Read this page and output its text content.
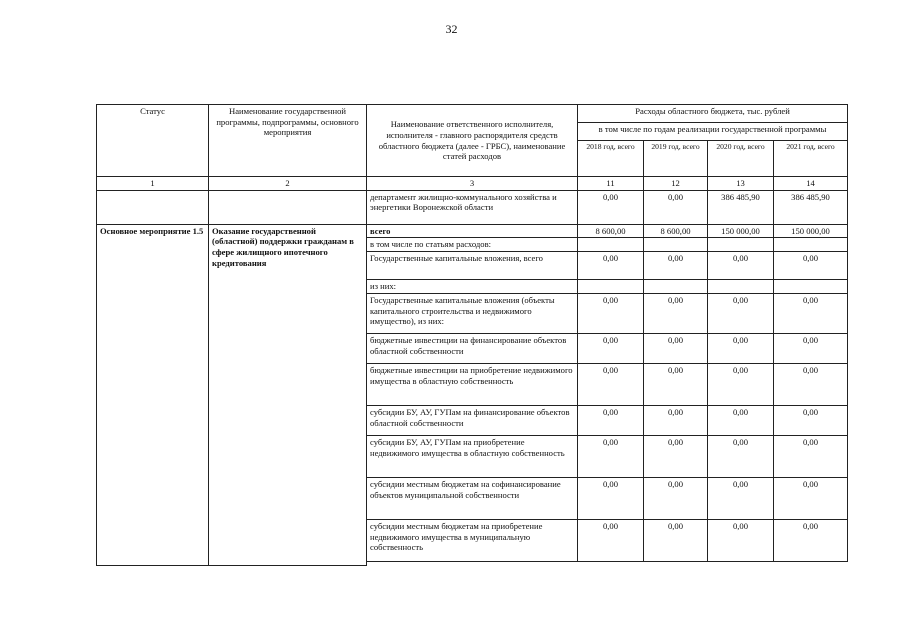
32
Статус	Наименование государственной программы, подпрограммы, основного мероприятия	Наименование ответственного исполнителя, исполнителя - главного распорядителя средств областного бюджета (далее - ГРБС), наименование статей расходов	Расходы областного бюджета, тыс. рублей			
			в том числе по годам реализации государственной программы			
			2018 год, всего	2019 год, всего	2020 год, всего	2021 год, всего
1	2	3	11	12	13	14
		департамент жилищно-коммунального хозяйства и энергетики Воронежской области	0,00	0,00	386 485,90	386 485,90
Основное мероприятие 1.5	Оказание государственной (областной) поддержки гражданам в сфере жилищного ипотечного кредитования	всего	8 600,00	8 600,00	150 000,00	150 000,00
		в том числе по статьям расходов:				
		Государственные капитальные вложения, всего	0,00	0,00	0,00	0,00
		из них:				
		Государственные капитальные вложения (объекты капитального строительства и недвижимого имущество), из них:	0,00	0,00	0,00	0,00
		бюджетные инвестиции на финансирование объектов областной собственности	0,00	0,00	0,00	0,00
		бюджетные инвестиции на приобретение недвижимого имущества в областную собственность	0,00	0,00	0,00	0,00
		субсидии БУ, АУ, ГУПам на финансирование объектов областной собственности	0,00	0,00	0,00	0,00
		субсидии БУ, АУ, ГУПам на приобретение недвижимого имущества в областную собственность	0,00	0,00	0,00	0,00
		субсидии местным бюджетам на софинансирование объектов муниципальной собственности	0,00	0,00	0,00	0,00
		субсидии местным бюджетам на приобретение недвижимого имущества в муниципальную собственность	0,00	0,00	0,00	0,00
